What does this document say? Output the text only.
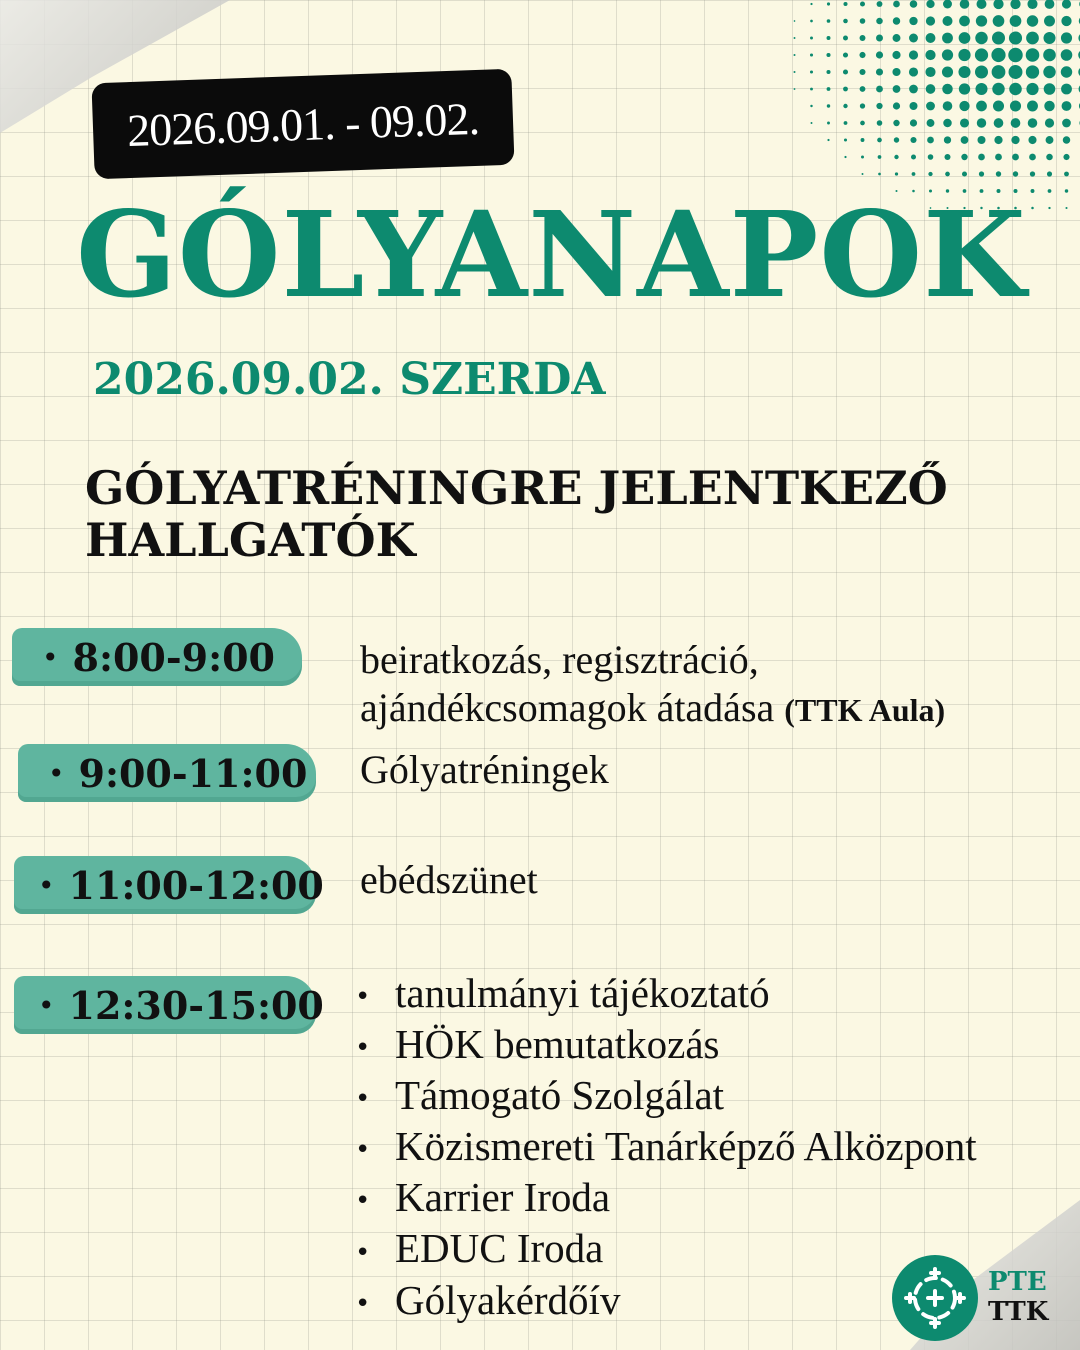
2026.09.01. - 09.02.
GÓLYANAPOK
2026.09.02. SZERDA
GÓLYATRÉNINGRE JELENTKEZŐ
HALLGATÓK
• 8:00-9:00 beiratkozás, regisztráció,
ajándékcsomagok átadása (TTK Aula)
• 9:00-11:00 Gólyatréningek
• 11:00-12:00 ebédszünet
• 12:30-15:00 • tanulmányi tájékoztató
• HÖK bemutatkozás
• Támogató Szolgálat
• Közismereti Tanárképző Alközpont
• Karrier Iroda
• EDUC Iroda
• Gólyakérdőív	PTE
TTK
